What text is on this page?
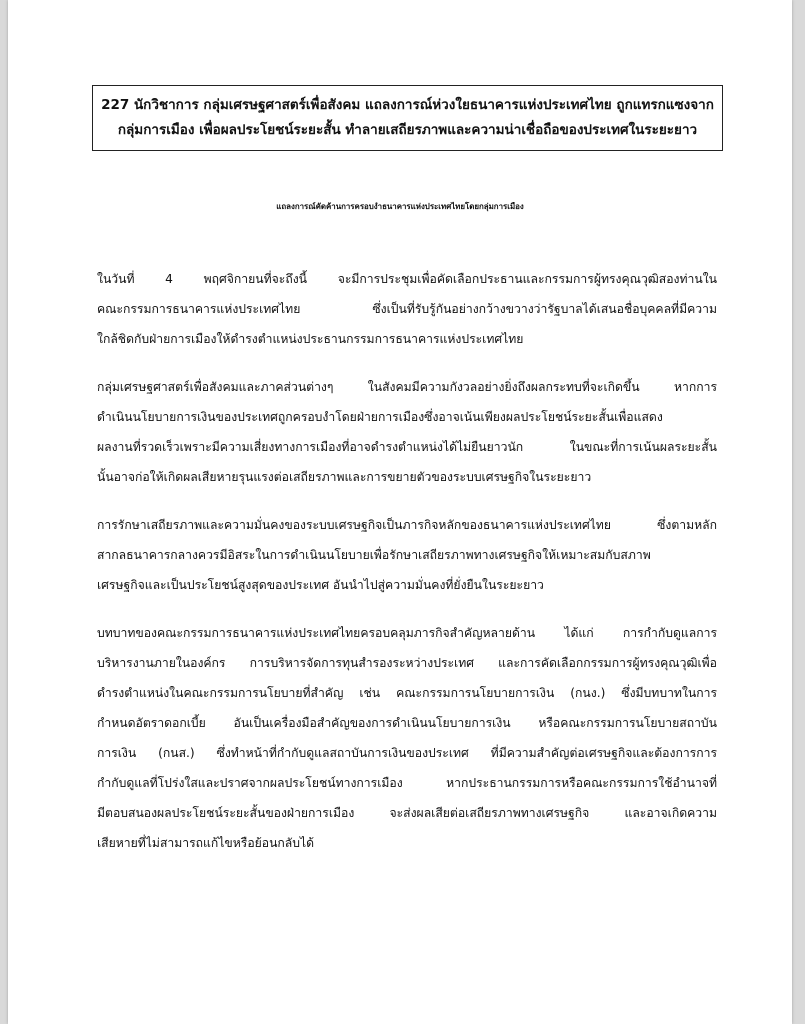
227 นักวิชาการ กลุ่มเศรษฐศาสตร์เพื่อสังคม แถลงการณ์ห่วงใยธนาคารแห่งประเทศไทย ถูกแทรกแซงจาก
กลุ่มการเมือง เพื่อผลประโยชน์ระยะสั้น ทำลายเสถียรภาพและความน่าเชื่อถือของประเทศในระยะยาว
แถลงการณ์คัดค้านการครอบงำธนาคารแห่งประเทศไทยโดยกลุ่มการเมือง
ในวันที่ 4 พฤศจิกายนที่จะถึงนี้ จะมีการประชุมเพื่อคัดเลือกประธานและกรรมการผู้ทรงคุณวุฒิสองท่านใน
คณะกรรมการธนาคารแห่งประเทศไทย ซึ่งเป็นที่รับรู้กันอย่างกว้างขวางว่ารัฐบาลได้เสนอชื่อบุคคลที่มีความ
ใกล้ชิดกับฝ่ายการเมืองให้ดำรงตำแหน่งประธานกรรมการธนาคารแห่งประเทศไทย
กลุ่มเศรษฐศาสตร์เพื่อสังคมและภาคส่วนต่างๆ ในสังคมมีความกังวลอย่างยิ่งถึงผลกระทบที่จะเกิดขึ้น หากการ
ดำเนินนโยบายการเงินของประเทศถูกครอบงำโดยฝ่ายการเมืองซึ่งอาจเน้นเพียงผลประโยชน์ระยะสั้นเพื่อแสดง
ผลงานที่รวดเร็วเพราะมีความเสี่ยงทางการเมืองที่อาจดำรงตำแหน่งได้ไม่ยืนยาวนัก ในขณะที่การเน้นผลระยะสั้น
นั้นอาจก่อให้เกิดผลเสียหายรุนแรงต่อเสถียรภาพและการขยายตัวของระบบเศรษฐกิจในระยะยาว
การรักษาเสถียรภาพและความมั่นคงของระบบเศรษฐกิจเป็นภารกิจหลักของธนาคารแห่งประเทศไทย ซึ่งตามหลัก
สากลธนาคารกลางควรมีอิสระในการดำเนินนโยบายเพื่อรักษาเสถียรภาพทางเศรษฐกิจให้เหมาะสมกับสภาพ
เศรษฐกิจและเป็นประโยชน์สูงสุดของประเทศ อันนำไปสู่ความมั่นคงที่ยั่งยืนในระยะยาว
บทบาทของคณะกรรมการธนาคารแห่งประเทศไทยครอบคลุมภารกิจสำคัญหลายด้าน ได้แก่ การกำกับดูแลการ
บริหารงานภายในองค์กร การบริหารจัดการทุนสำรองระหว่างประเทศ และการคัดเลือกกรรมการผู้ทรงคุณวุฒิเพื่อ
ดำรงตำแหน่งในคณะกรรมการนโยบายที่สำคัญ เช่น คณะกรรมการนโยบายการเงิน (กนง.) ซึ่งมีบทบาทในการ
กำหนดอัตราดอกเบี้ย อันเป็นเครื่องมือสำคัญของการดำเนินนโยบายการเงิน หรือคณะกรรมการนโยบายสถาบัน
การเงิน (กนส.) ซึ่งทำหน้าที่กำกับดูแลสถาบันการเงินของประเทศ ที่มีความสำคัญต่อเศรษฐกิจและต้องการการ
กำกับดูแลที่โปร่งใสและปราศจากผลประโยชน์ทางการเมือง หากประธานกรรมการหรือคณะกรรมการใช้อำนาจที่
มีตอบสนองผลประโยชน์ระยะสั้นของฝ่ายการเมือง จะส่งผลเสียต่อเสถียรภาพทางเศรษฐกิจ และอาจเกิดความ
เสียหายที่ไม่สามารถแก้ไขหรือย้อนกลับได้
